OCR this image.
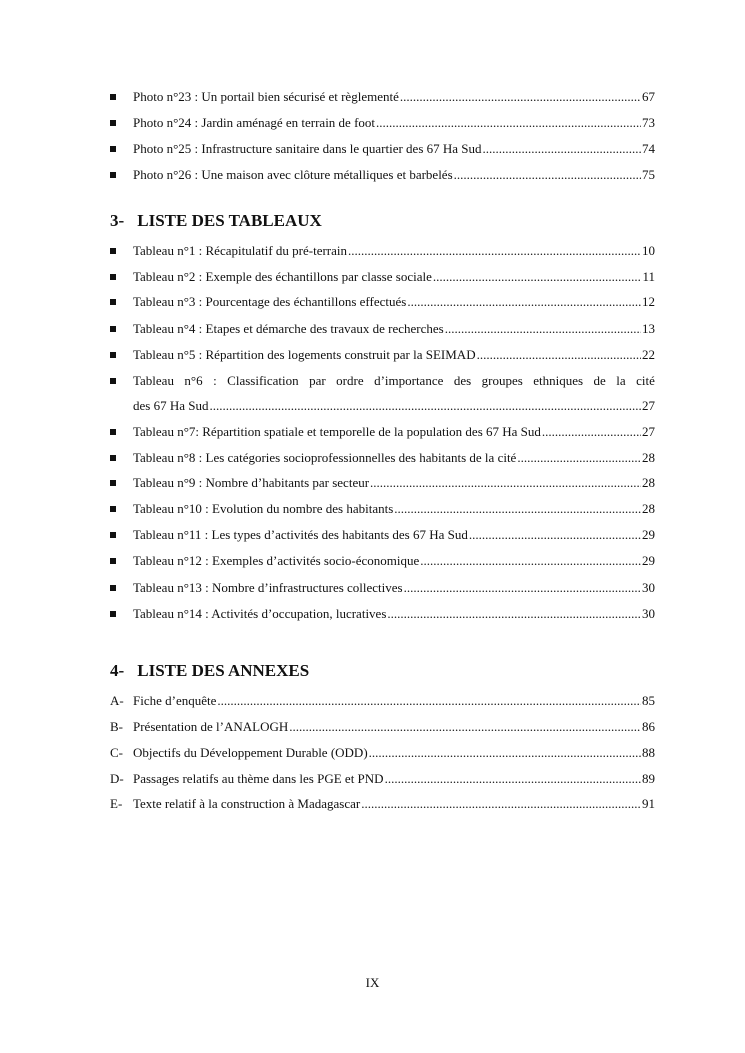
Photo n°23 : Un portail bien sécurisé et règlementé .....	67
Photo n°24 : Jardin aménagé en terrain de foot .....	73
Photo n°25 : Infrastructure sanitaire dans le quartier des 67 Ha Sud .....	74
Photo n°26 : Une maison avec clôture métalliques et barbelés .....	75
3- LISTE DES TABLEAUX
Tableau n°1 : Récapitulatif du pré-terrain .....	10
Tableau n°2 : Exemple des échantillons par classe sociale .....	11
Tableau n°3 : Pourcentage des échantillons effectués .....	12
Tableau n°4 : Etapes et démarche des travaux de recherches .....	13
Tableau n°5 : Répartition des logements construit par la SEIMAD .....	22
Tableau n°6 : Classification par ordre d’importance des groupes ethniques de la cité
des 67 Ha Sud .....	27
Tableau n°7: Répartition spatiale et temporelle de la population des 67 Ha Sud .....	27
Tableau n°8 : Les catégories socioprofessionnelles des habitants de la cité .....	28
Tableau n°9 : Nombre d’habitants par secteur .....	28
Tableau n°10 : Evolution du nombre des habitants .....	28
Tableau n°11 : Les types d’activités des habitants des 67 Ha Sud .....	29
Tableau n°12 : Exemples d’activités socio-économique .....	29
Tableau n°13 : Nombre d’infrastructures collectives .....	30
Tableau n°14 : Activités d’occupation, lucratives .....	30
4- LISTE DES ANNEXES
A- Fiche d’enquête .....	85
B- Présentation de l’ANALOGH .....	86
C- Objectifs du Développement Durable (ODD) .....	88
D- Passages relatifs au thème dans les PGE et PND .....	89
E- Texte relatif à la construction à Madagascar .....	91
IX
